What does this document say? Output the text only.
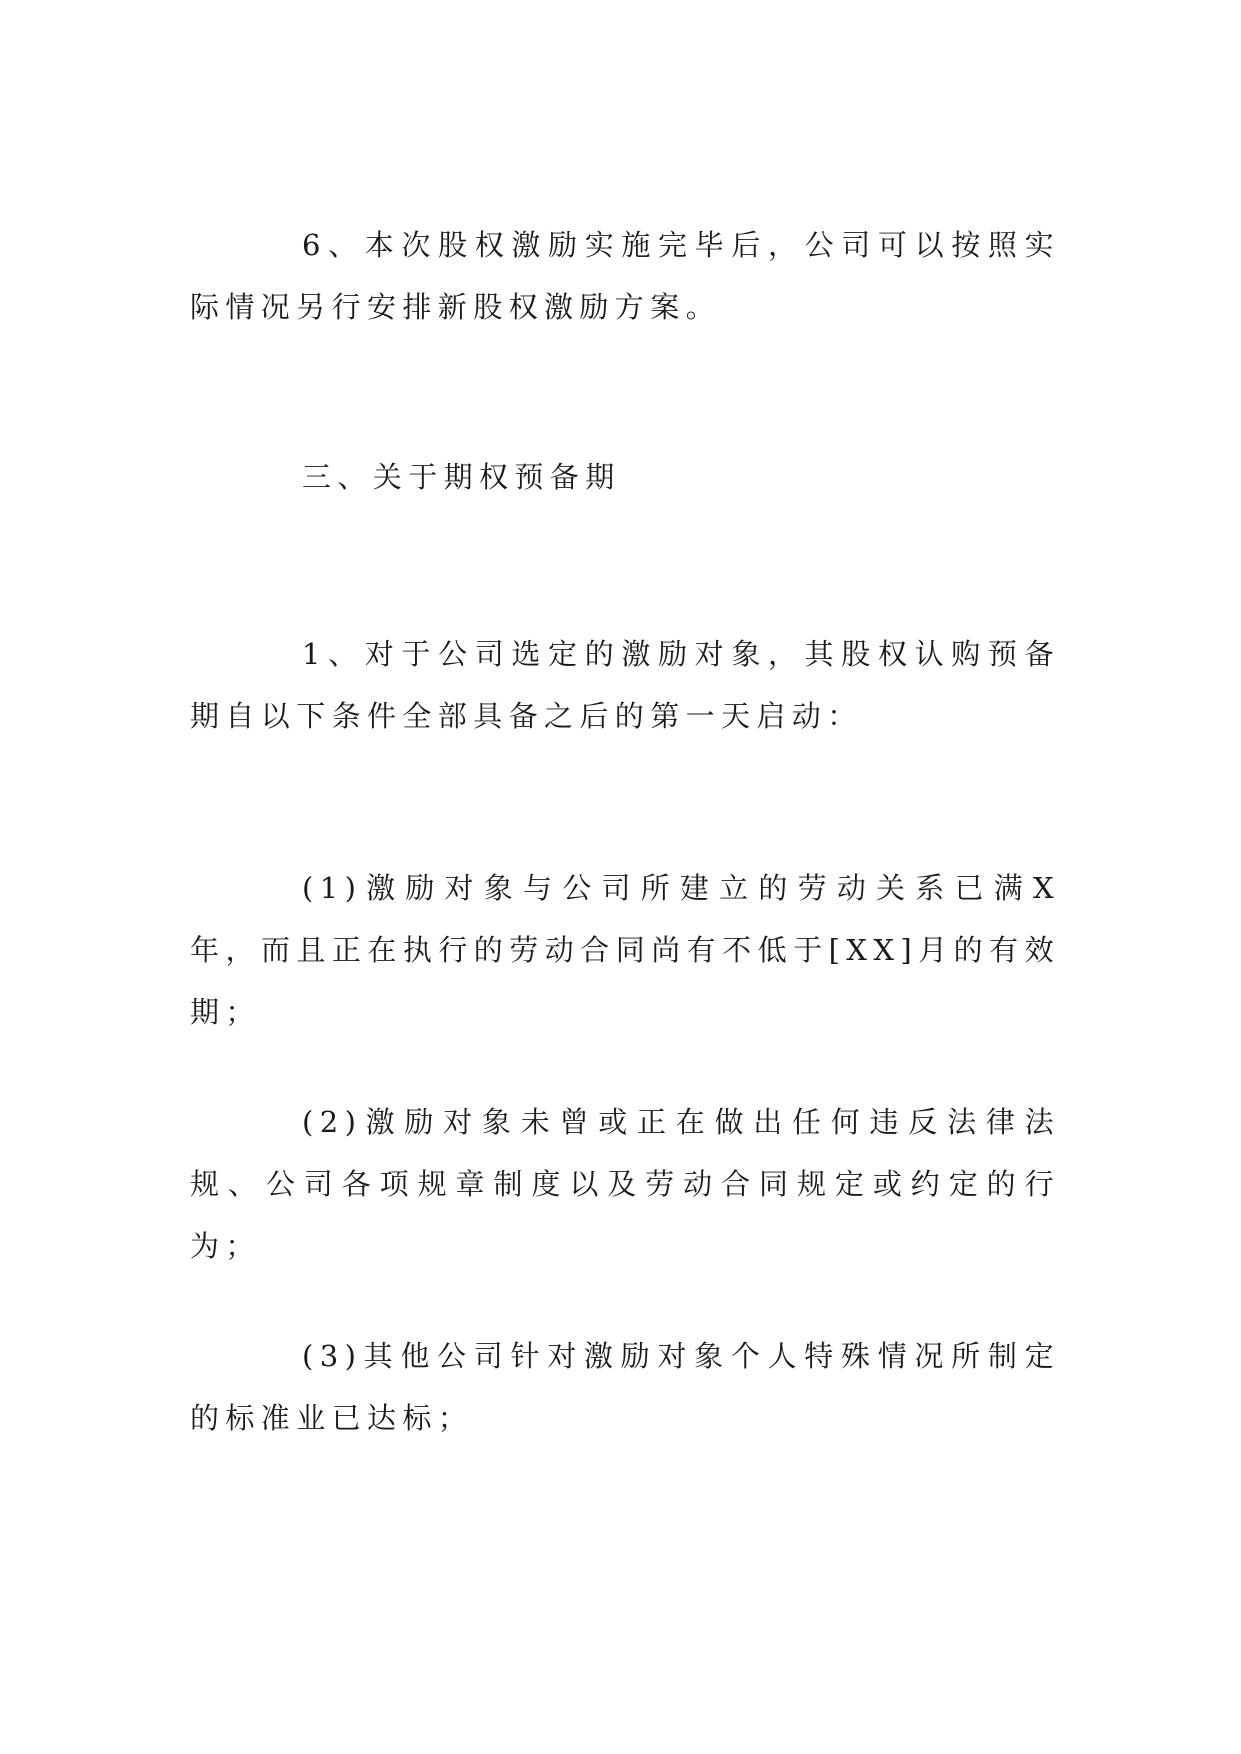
6、本次股权激励实施完毕后，公司可以按照实际情况另行安排新股权激励方案。

三、关于期权预备期

1、对于公司选定的激励对象，其股权认购预备期自以下条件全部具备之后的第一天启动：

(1)激励对象与公司所建立的劳动关系已满X年，而且正在执行的劳动合同尚有不低于[XX]月的有效期；

(2)激励对象未曾或正在做出任何违反法律法规、公司各项规章制度以及劳动合同规定或约定的行为；

(3)其他公司针对激励对象个人特殊情况所制定的标准业已达标；
